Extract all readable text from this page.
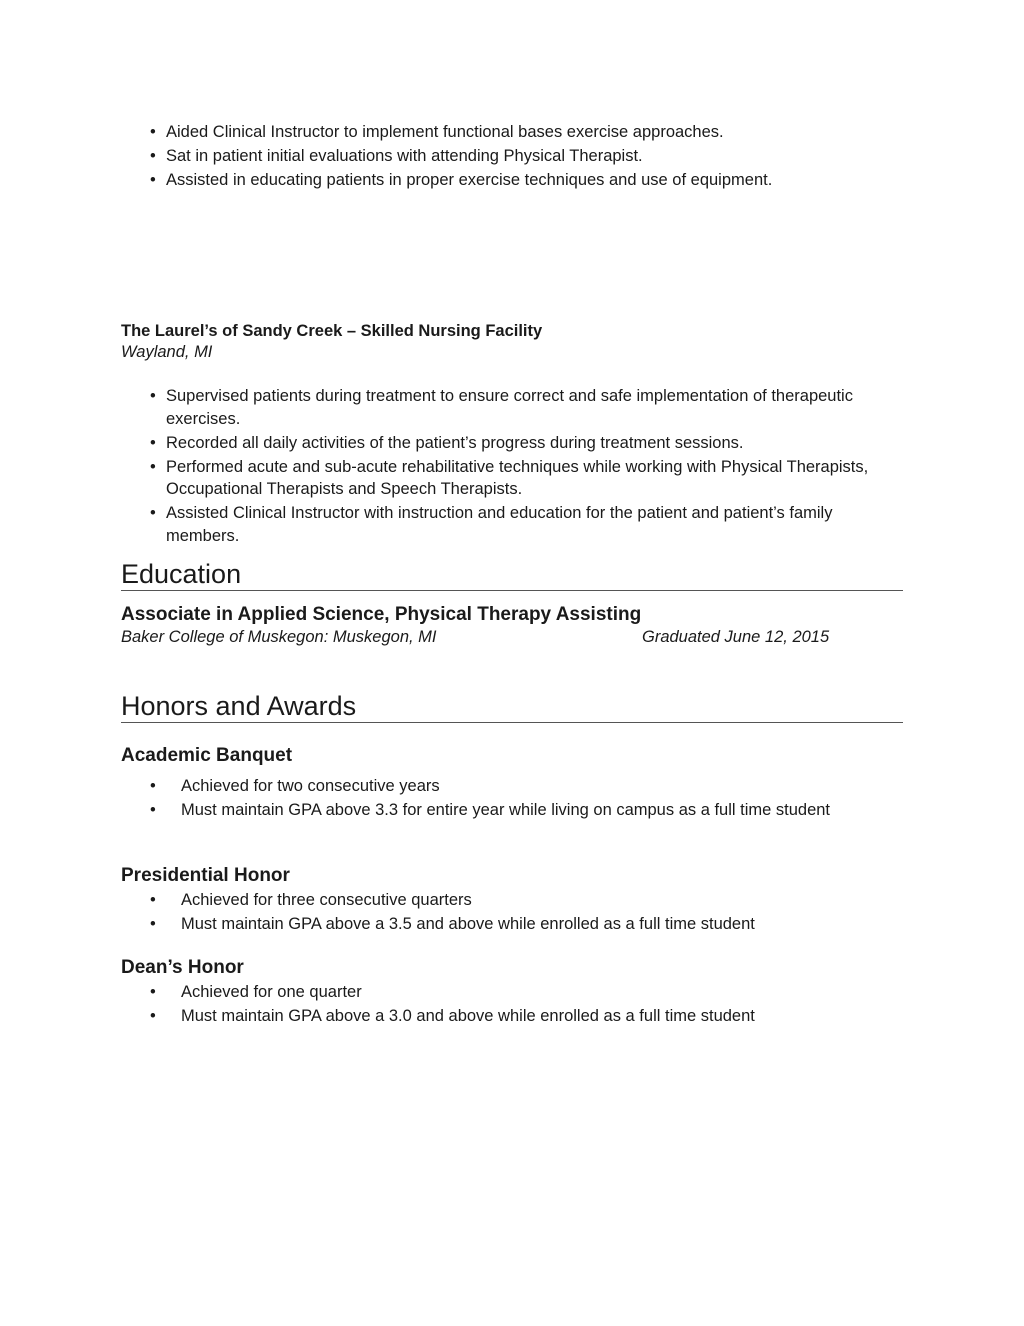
• Aided Clinical Instructor to implement functional bases exercise approaches.
• Sat in patient initial evaluations with attending Physical Therapist.
• Assisted in educating patients in proper exercise techniques and use of equipment.
The Laurel’s of Sandy Creek – Skilled Nursing Facility
Wayland, MI
• Supervised patients during treatment to ensure correct and safe implementation of therapeutic exercises.
• Recorded all daily activities of the patient’s progress during treatment sessions.
• Performed acute and sub-acute rehabilitative techniques while working with Physical Therapists, Occupational Therapists and Speech Therapists.
• Assisted Clinical Instructor with instruction and education for the patient and patient’s family members.
Education
Associate in Applied Science, Physical Therapy Assisting
Baker College of Muskegon: Muskegon, MI	Graduated June 12, 2015
Honors and Awards
Academic Banquet
• Achieved for two consecutive years
• Must maintain GPA above 3.3 for entire year while living on campus as a full time student
Presidential Honor
• Achieved for three consecutive quarters
• Must maintain GPA above a 3.5 and above while enrolled as a full time student
Dean’s Honor
• Achieved for one quarter
• Must maintain GPA above a 3.0 and above while enrolled as a full time student
